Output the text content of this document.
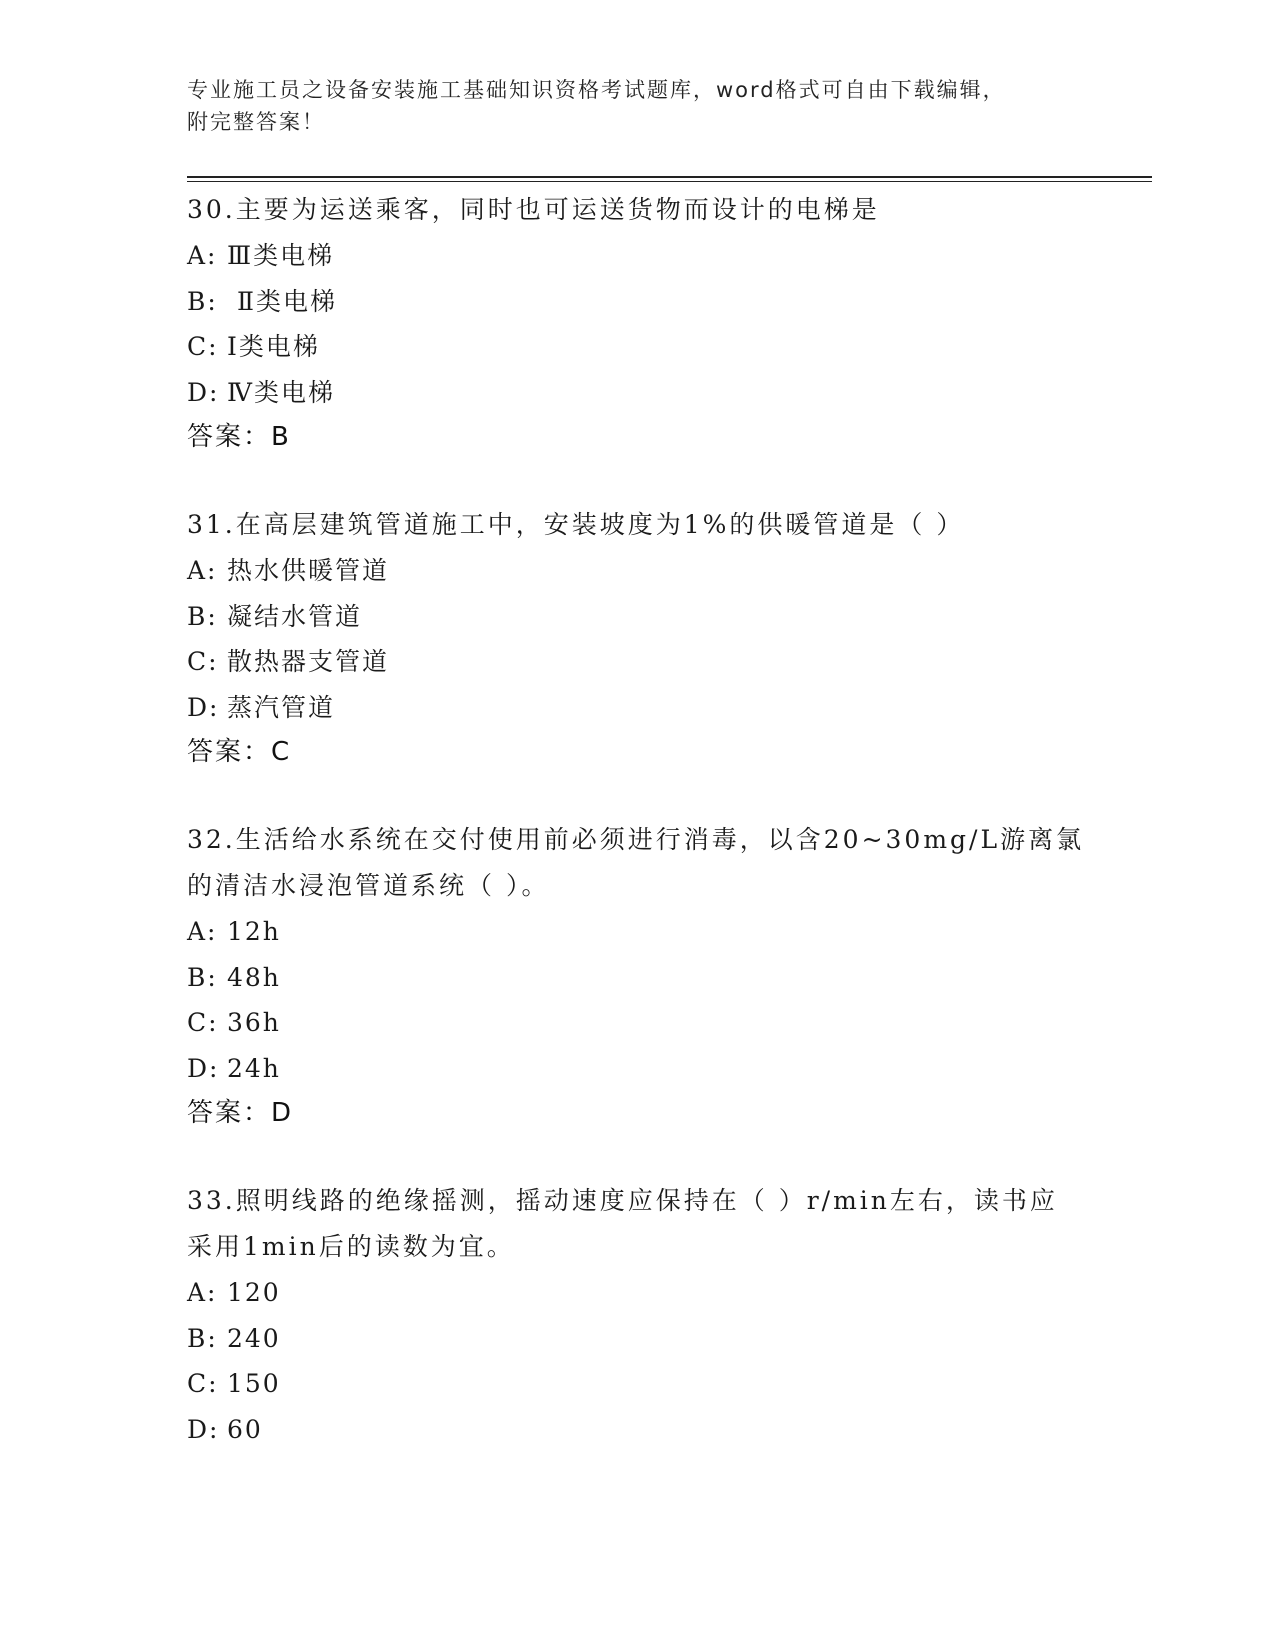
专业施工员之设备安装施工基础知识资格考试题库，word格式可自由下载编辑，
附完整答案！

30.主要为运送乘客，同时也可运送货物而设计的电梯是

A: Ⅲ类电梯

B: Ⅱ类电梯

C: Ⅰ类电梯

D: Ⅳ类电梯

答案：B

31.在高层建筑管道施工中，安装坡度为1%的供暖管道是（ ）

A: 热水供暖管道

B: 凝结水管道

C: 散热器支管道

D: 蒸汽管道

答案：C

32.生活给水系统在交付使用前必须进行消毒，以含20~30mg/L游离氯

的清洁水浸泡管道系统（ ）。

A: 12h

B: 48h

C: 36h

D: 24h

答案：D

33.照明线路的绝缘摇测，摇动速度应保持在（ ）r/min左右，读书应

采用1min后的读数为宜。

A: 120

B: 240

C: 150

D: 60
